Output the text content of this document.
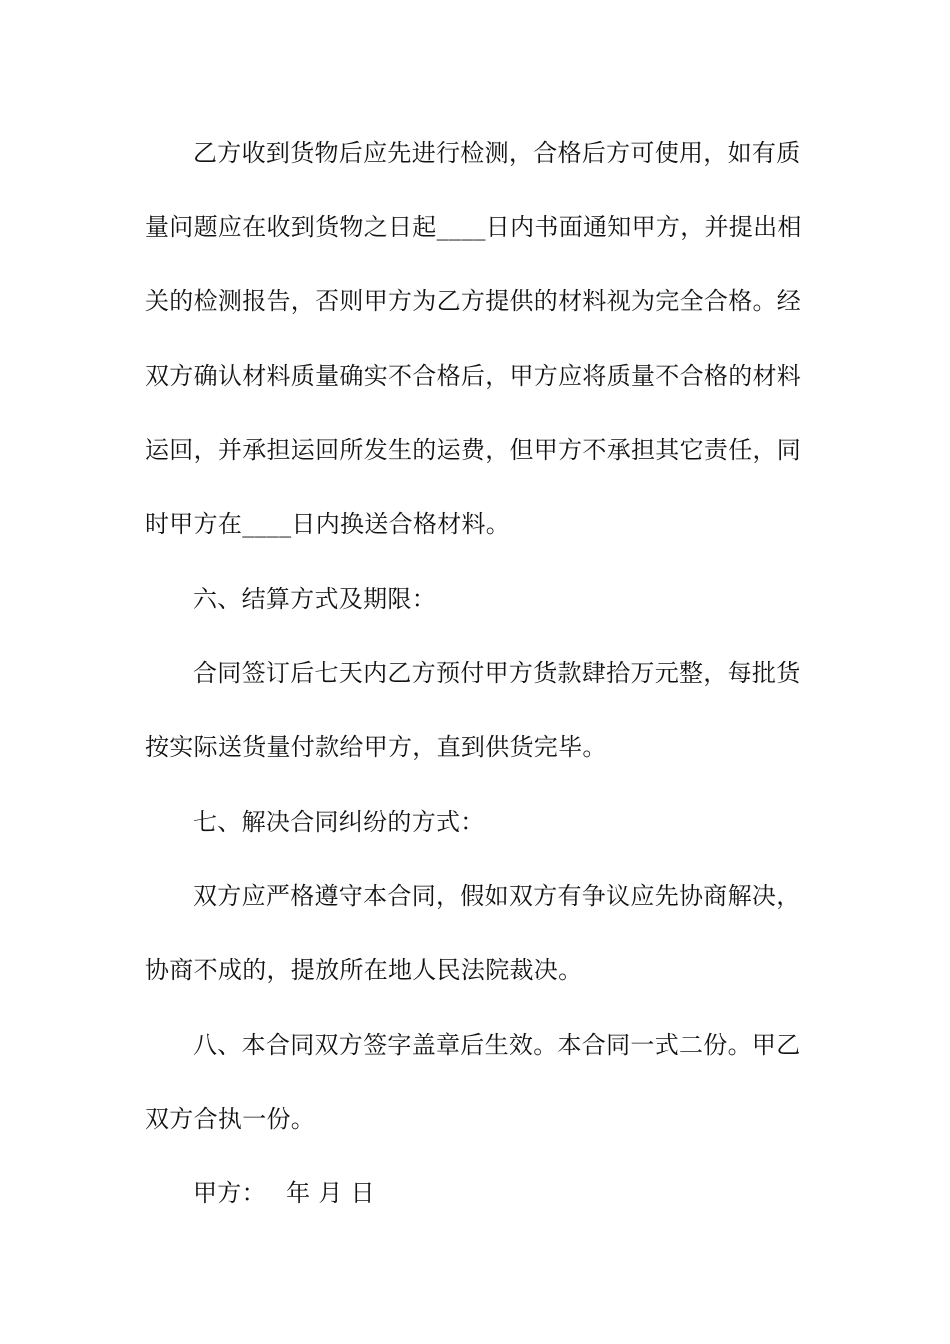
乙方收到货物后应先进行检测，合格后方可使用，如有质
量问题应在收到货物之日起____日内书面通知甲方，并提出相
关的检测报告，否则甲方为乙方提供的材料视为完全合格。经
双方确认材料质量确实不合格后，甲方应将质量不合格的材料
运回，并承担运回所发生的运费，但甲方不承担其它责任，同
时甲方在____日内换送合格材料。
六、结算方式及期限：
合同签订后七天内乙方预付甲方货款肆拾万元整，每批货
按实际送货量付款给甲方，直到供货完毕。
七、解决合同纠纷的方式：
双方应严格遵守本合同，假如双方有争议应先协商解决，
协商不成的，提放所在地人民法院裁决。
八、本合同双方签字盖章后生效。本合同一式二份。甲乙
双方合执一份。
甲方：　 年 月 日
